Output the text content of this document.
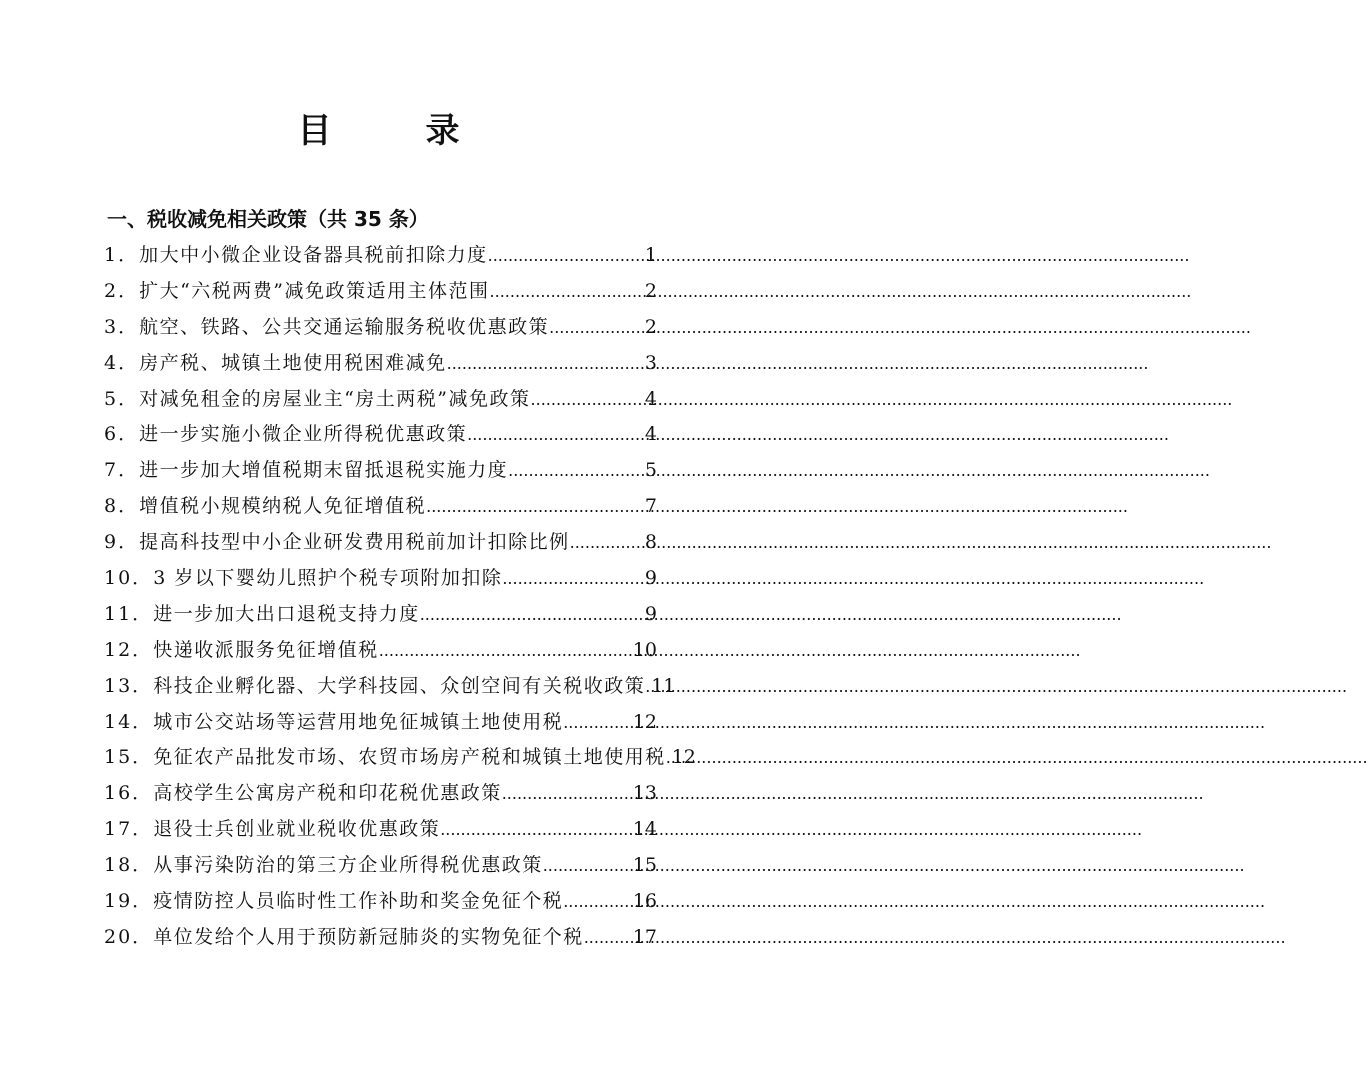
目　录
一、税收减免相关政策（共 35 条）
1． 加大中小微企业设备器具税前扣除力度 .....	1
2． 扩大“六税两费”减免政策适用主体范围 .....	2
3． 航空、铁路、公共交通运输服务税收优惠政策 .....	2
4． 房产税、城镇土地使用税困难减免 .....	3
5． 对减免租金的房屋业主“房土两税”减免政策 .....	4
6． 进一步实施小微企业所得税优惠政策 .....	4
7． 进一步加大增值税期末留抵退税实施力度 .....	5
8． 增值税小规模纳税人免征增值税 .....	7
9． 提高科技型中小企业研发费用税前加计扣除比例 .....	8
10． 3 岁以下婴幼儿照护个税专项附加扣除 .....	9
11． 进一步加大出口退税支持力度 .....	9
12． 快递收派服务免征增值税 .....	10
13． 科技企业孵化器、大学科技园、众创空间有关税收政策 ..... 11
14． 城市公交站场等运营用地免征城镇土地使用税 .....	12
15． 免征农产品批发市场、农贸市场房产税和城镇土地使用税 ..... 12
16． 高校学生公寓房产税和印花税优惠政策 .....	13
17． 退役士兵创业就业税收优惠政策 .....	14
18． 从事污染防治的第三方企业所得税优惠政策 .....	15
19． 疫情防控人员临时性工作补助和奖金免征个税 .....	16
20． 单位发给个人用于预防新冠肺炎的实物免征个税 .....	17
